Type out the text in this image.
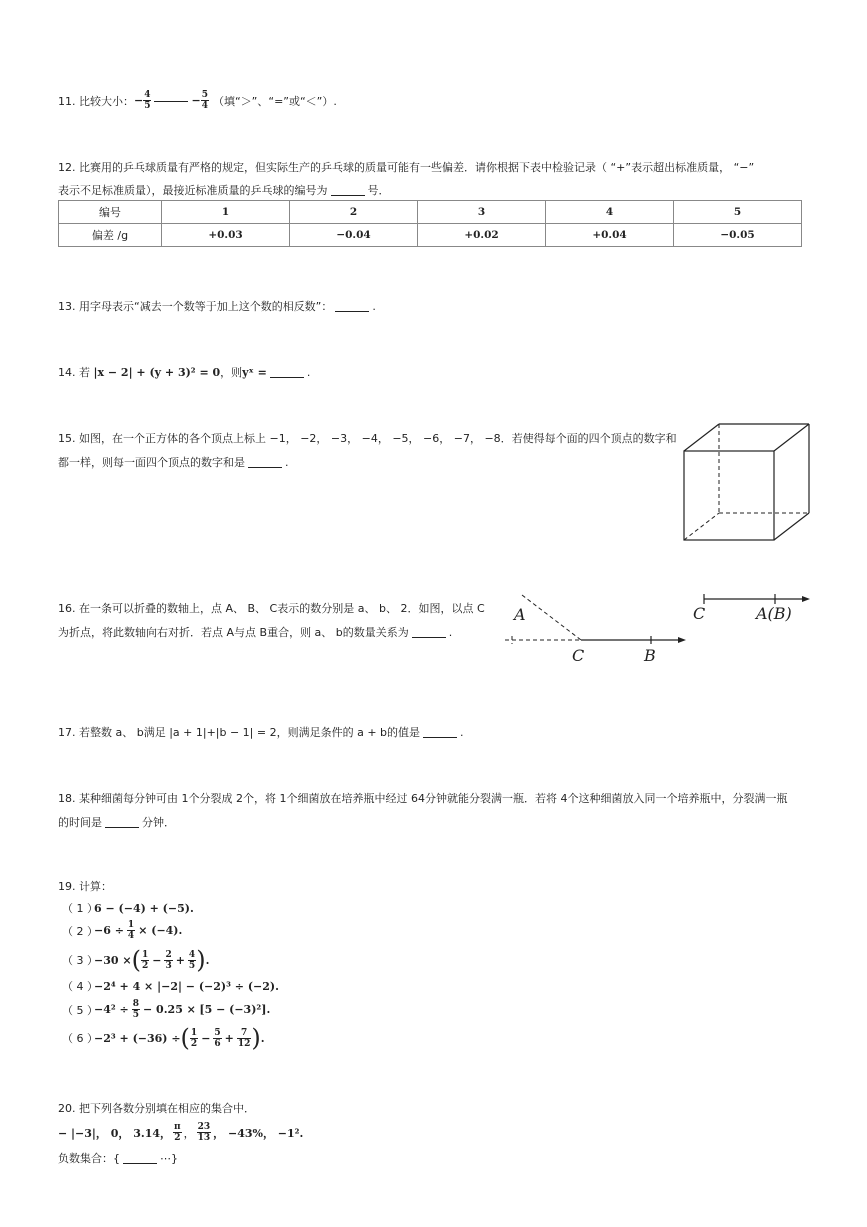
11. 比较大小： − $\frac{4}{5}$	− $\frac{5}{4}$ （填“＞”、“=”或“＜”）.
12. 比赛用的乒乓球质量有严格的规定，但实际生产的乒乓球的质量可能有一些偏差．请你根据下表中检验记录（ “+”表示超出标准质量， “−”
表示不足标准质量），最接近标准质量的乒乓球的编号为	号．
编号	1	2	3	4	5
偏差 /g	+0.03	−0.04	+0.02	+0.04	−0.05
13. 用字母表示“减去一个数等于加上这个数的相反数”：	.
14. 若 |x − 2| + (y + 3)² = 0，则yˣ =	.
15. 如图，在一个正方体的各个顶点上标上 −1， −2， −3， −4， −5， −6， −7， −8．若使得每个面的四个顶点的数字和
都一样，则每一面四个顶点的数字和是	.
16. 在一条可以折叠的数轴上，点 A、 B、 C表示的数分别是 a、 b、 2．如图，以点 C
为折点，将此数轴向右对折．若点 A与点 B重合，则 a、 b的数量关系为	.
A
C	B
C	A(B)
17. 若整数 a、 b满足 |a + 1|+|b − 1| = 2，则满足条件的 a + b的值是	.
18. 某种细菌每分钟可由 1个分裂成 2个，将 1个细菌放在培养瓶中经过 64分钟就能分裂满一瓶．若将 4个这种细菌放入同一个培养瓶中，分裂满一瓶
的时间是	分钟．
19. 计算：
（ 1 ）
6 − (−4) + (−5).
（ 2 ）
$-6 \div \frac{1}{4} \times (-4)$.
（ 3 ）
−30 × ( $\frac{1}{2} - \frac{2}{3} + \frac{4}{5}$ ) .
（ 4 ）
−2⁴ + 4 × |−2| − (−2)³ ÷ (−2).
（ 5 ）
$-4^2 \div \frac{8}{5} - 0.25$ ×
[5 − (−3)²].
（ 6 ）
−2³ + (−36) ÷ ( $\frac{1}{2} - \frac{5}{6} + \frac{7}{12}$ ) .
20. 把下列各数分别填在相应的集合中．
− |−3|， 0， 3.14， $\frac{\pi}{2}$ ， $\frac{23}{13}$ ， −43%， −1².
负数集合：{	⋯}
